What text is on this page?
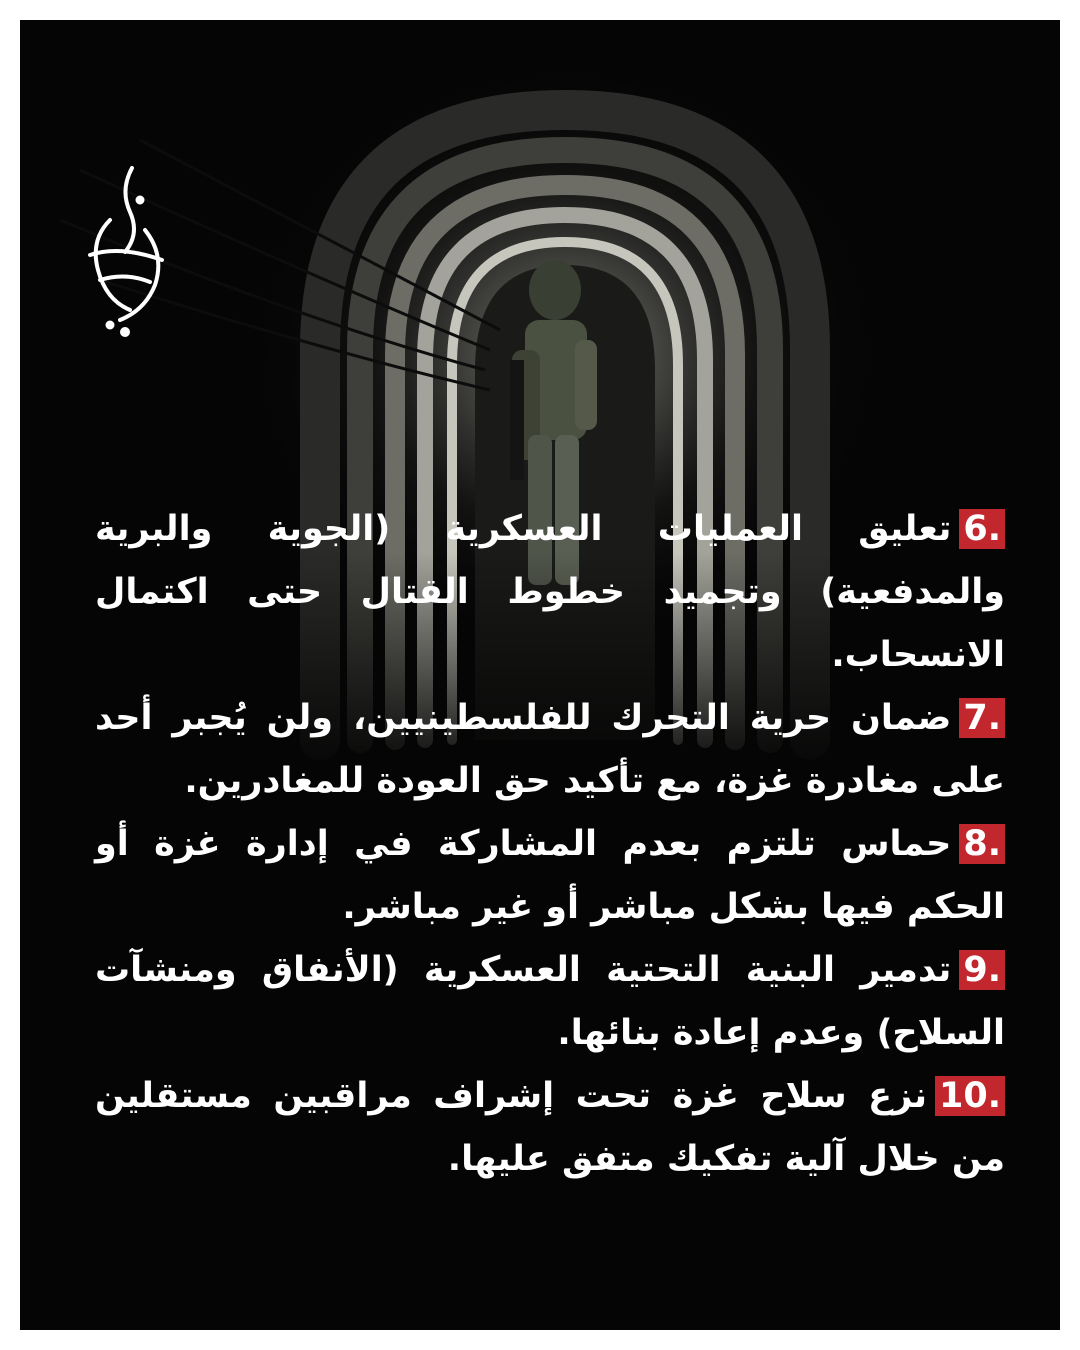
6.تعليق العمليات العسكرية (الجوية والبرية والمدفعية) وتجميد خطوط القتال حتى اكتمال الانسحاب.

7.ضمان حرية التحرك للفلسطينيين، ولن يُجبر أحد على مغادرة غزة، مع تأكيد حق العودة للمغادرين.

8.حماس تلتزم بعدم المشاركة في إدارة غزة أو الحكم فيها بشكل مباشر أو غير مباشر.

9.تدمير البنية التحتية العسكرية (الأنفاق ومنشآت السلاح) وعدم إعادة بنائها.

10.نزع سلاح غزة تحت إشراف مراقبين مستقلين من خلال آلية تفكيك متفق عليها.
